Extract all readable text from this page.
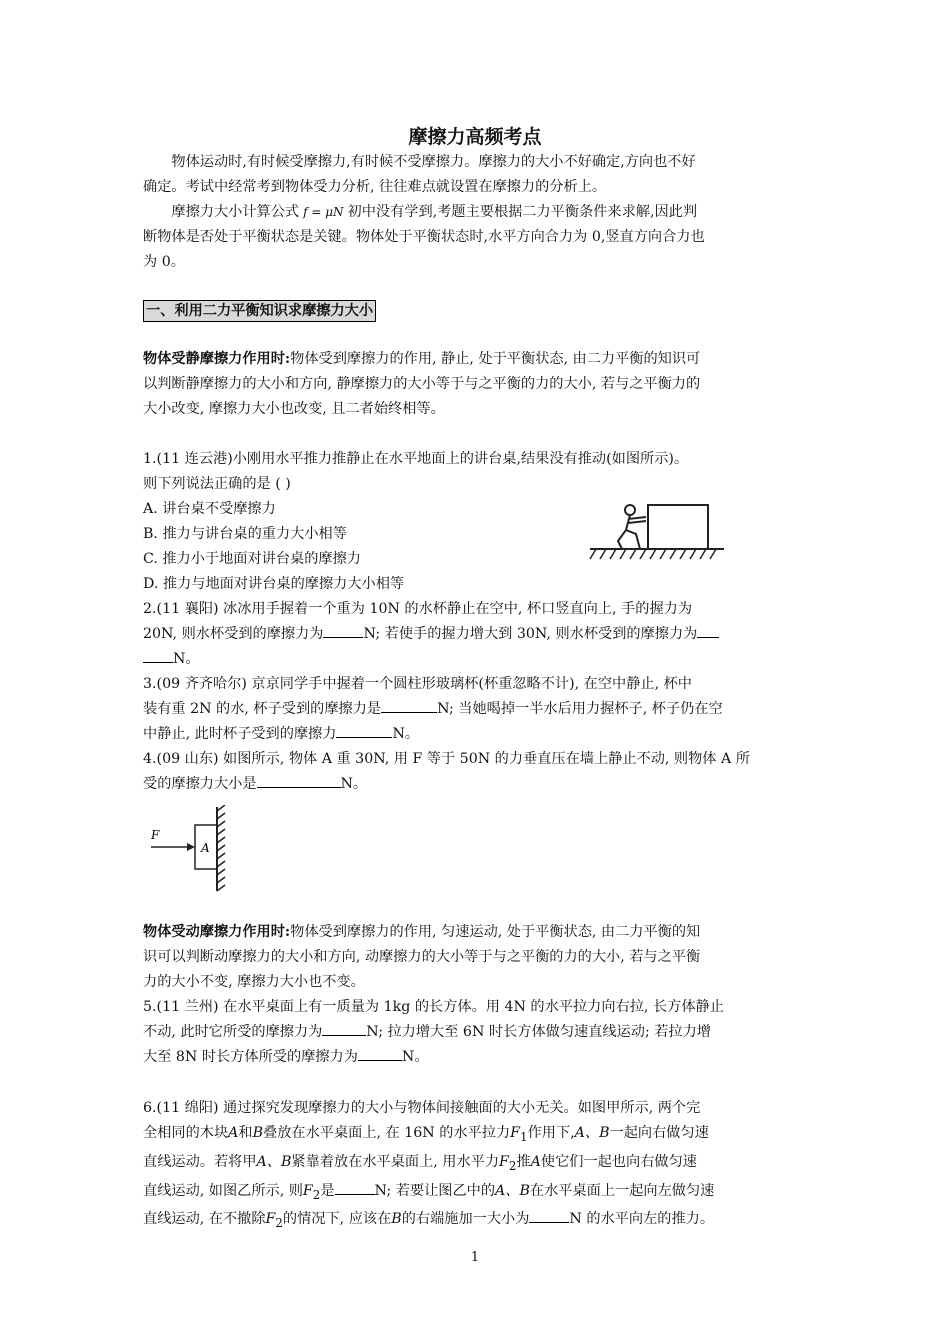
摩擦力高频考点
物体运动时,有时候受摩擦力,有时候不受摩擦力。摩擦力的大小不好确定,方向也不好
确定。考试中经常考到物体受力分析, 往往难点就设置在摩擦力的分析上。
摩擦力大小计算公式 f = μN 初中没有学到,考题主要根据二力平衡条件来求解,因此判
断物体是否处于平衡状态是关键。物体处于平衡状态时,水平方向合力为 0,竖直方向合力也
为 0。
一、利用二力平衡知识求摩擦力大小
物体受静摩擦力作用时:物体受到摩擦力的作用, 静止, 处于平衡状态, 由二力平衡的知识可
以判断静摩擦力的大小和方向, 静摩擦力的大小等于与之平衡的力的大小, 若与之平衡力的
大小改变, 摩擦力大小也改变, 且二者始终相等。
1.(11 连云港)小刚用水平推力推静止在水平地面上的讲台桌,结果没有推动(如图所示)。
则下列说法正确的是 ( )
A. 讲台桌不受摩擦力
B. 推力与讲台桌的重力大小相等
C. 推力小于地面对讲台桌的摩擦力
D. 推力与地面对讲台桌的摩擦力大小相等
2.(11 襄阳) 冰冰用手握着一个重为 10N 的水杯静止在空中, 杯口竖直向上, 手的握力为
20N, 则水杯受到的摩擦力为	N; 若使手的握力增大到 30N, 则水杯受到的摩擦力为
N。
3.(09 齐齐哈尔) 京京同学手中握着一个圆柱形玻璃杯(杯重忽略不计), 在空中静止, 杯中
装有重 2N 的水, 杯子受到的摩擦力是	N; 当她喝掉一半水后用力握杯子, 杯子仍在空
中静止, 此时杯子受到的摩擦力	N。
4.(09 山东) 如图所示, 物体 A 重 30N, 用 F 等于 50N 的力垂直压在墙上静止不动, 则物体 A 所
受的摩擦力大小是	N。
F
A
物体受动摩擦力作用时:物体受到摩擦力的作用, 匀速运动, 处于平衡状态, 由二力平衡的知
识可以判断动摩擦力的大小和方向, 动摩擦力的大小等于与之平衡的力的大小, 若与之平衡
力的大小不变, 摩擦力大小也不变。
5.(11 兰州) 在水平桌面上有一质量为 1kg 的长方体。用 4N 的水平拉力向右拉, 长方体静止
不动, 此时它所受的摩擦力为	N; 拉力增大至 6N 时长方体做匀速直线运动; 若拉力增
大至 8N 时长方体所受的摩擦力为	N。
6.(11 绵阳) 通过探究发现摩擦力的大小与物体间接触面的大小无关。如图甲所示, 两个完
全相同的木块A和B叠放在水平桌面上, 在 16N 的水平拉力$F_1$作用下,A、B一起向右做匀速
直线运动。若将甲A、B紧靠着放在水平桌面上, 用水平力$F_2$推A使它们一起也向右做匀速
直线运动, 如图乙所示, 则$F_2$是	N; 若要让图乙中的A、B在水平桌面上一起向左做匀速
直线运动, 在不撤除$F_2$的情况下, 应该在B的右端施加一大小为	N 的水平向左的推力。
1
